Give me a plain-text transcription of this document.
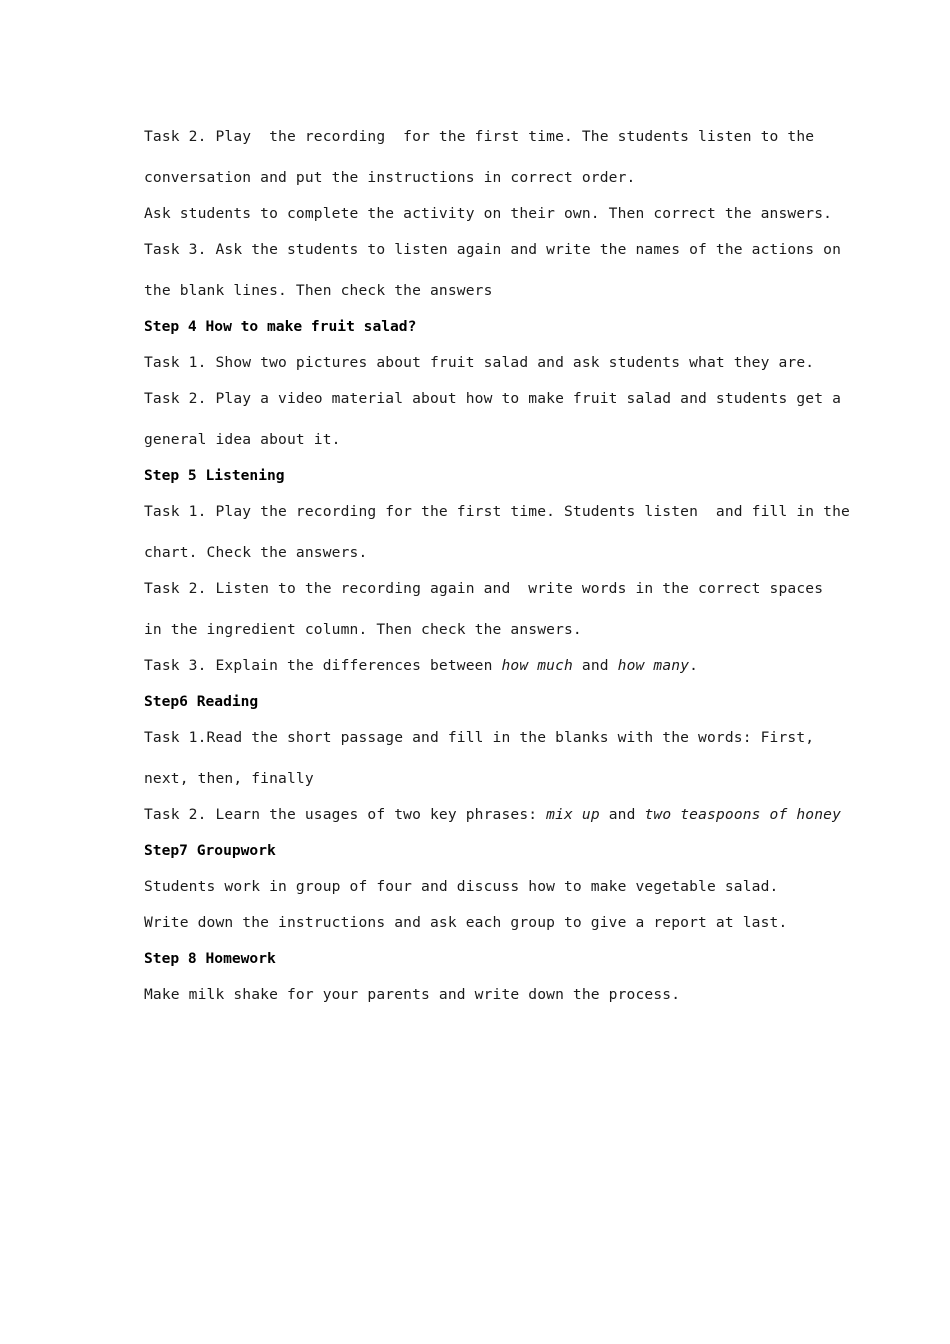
Task 2. Play  the recording  for the first time. The students listen to the
conversation and put the instructions in correct order.
Ask students to complete the activity on their own. Then correct the answers.
Task 3. Ask the students to listen again and write the names of the actions on
the blank lines. Then check the answers
Step 4 How to make fruit salad?
Task 1. Show two pictures about fruit salad and ask students what they are.
Task 2. Play a video material about how to make fruit salad and students get a
general idea about it.
Step 5 Listening
Task 1. Play the recording for the first time. Students listen  and fill in the
chart. Check the answers.
Task 2. Listen to the recording again and  write words in the correct spaces
in the ingredient column. Then check the answers.
Task 3. Explain the differences between how much and how many.
Step6 Reading
Task 1.Read the short passage and fill in the blanks with the words: First,
next, then, finally
Task 2. Learn the usages of two key phrases: mix up and two teaspoons of honey
Step7 Groupwork
Students work in group of four and discuss how to make vegetable salad.
Write down the instructions and ask each group to give a report at last.
Step 8 Homework
Make milk shake for your parents and write down the process.
